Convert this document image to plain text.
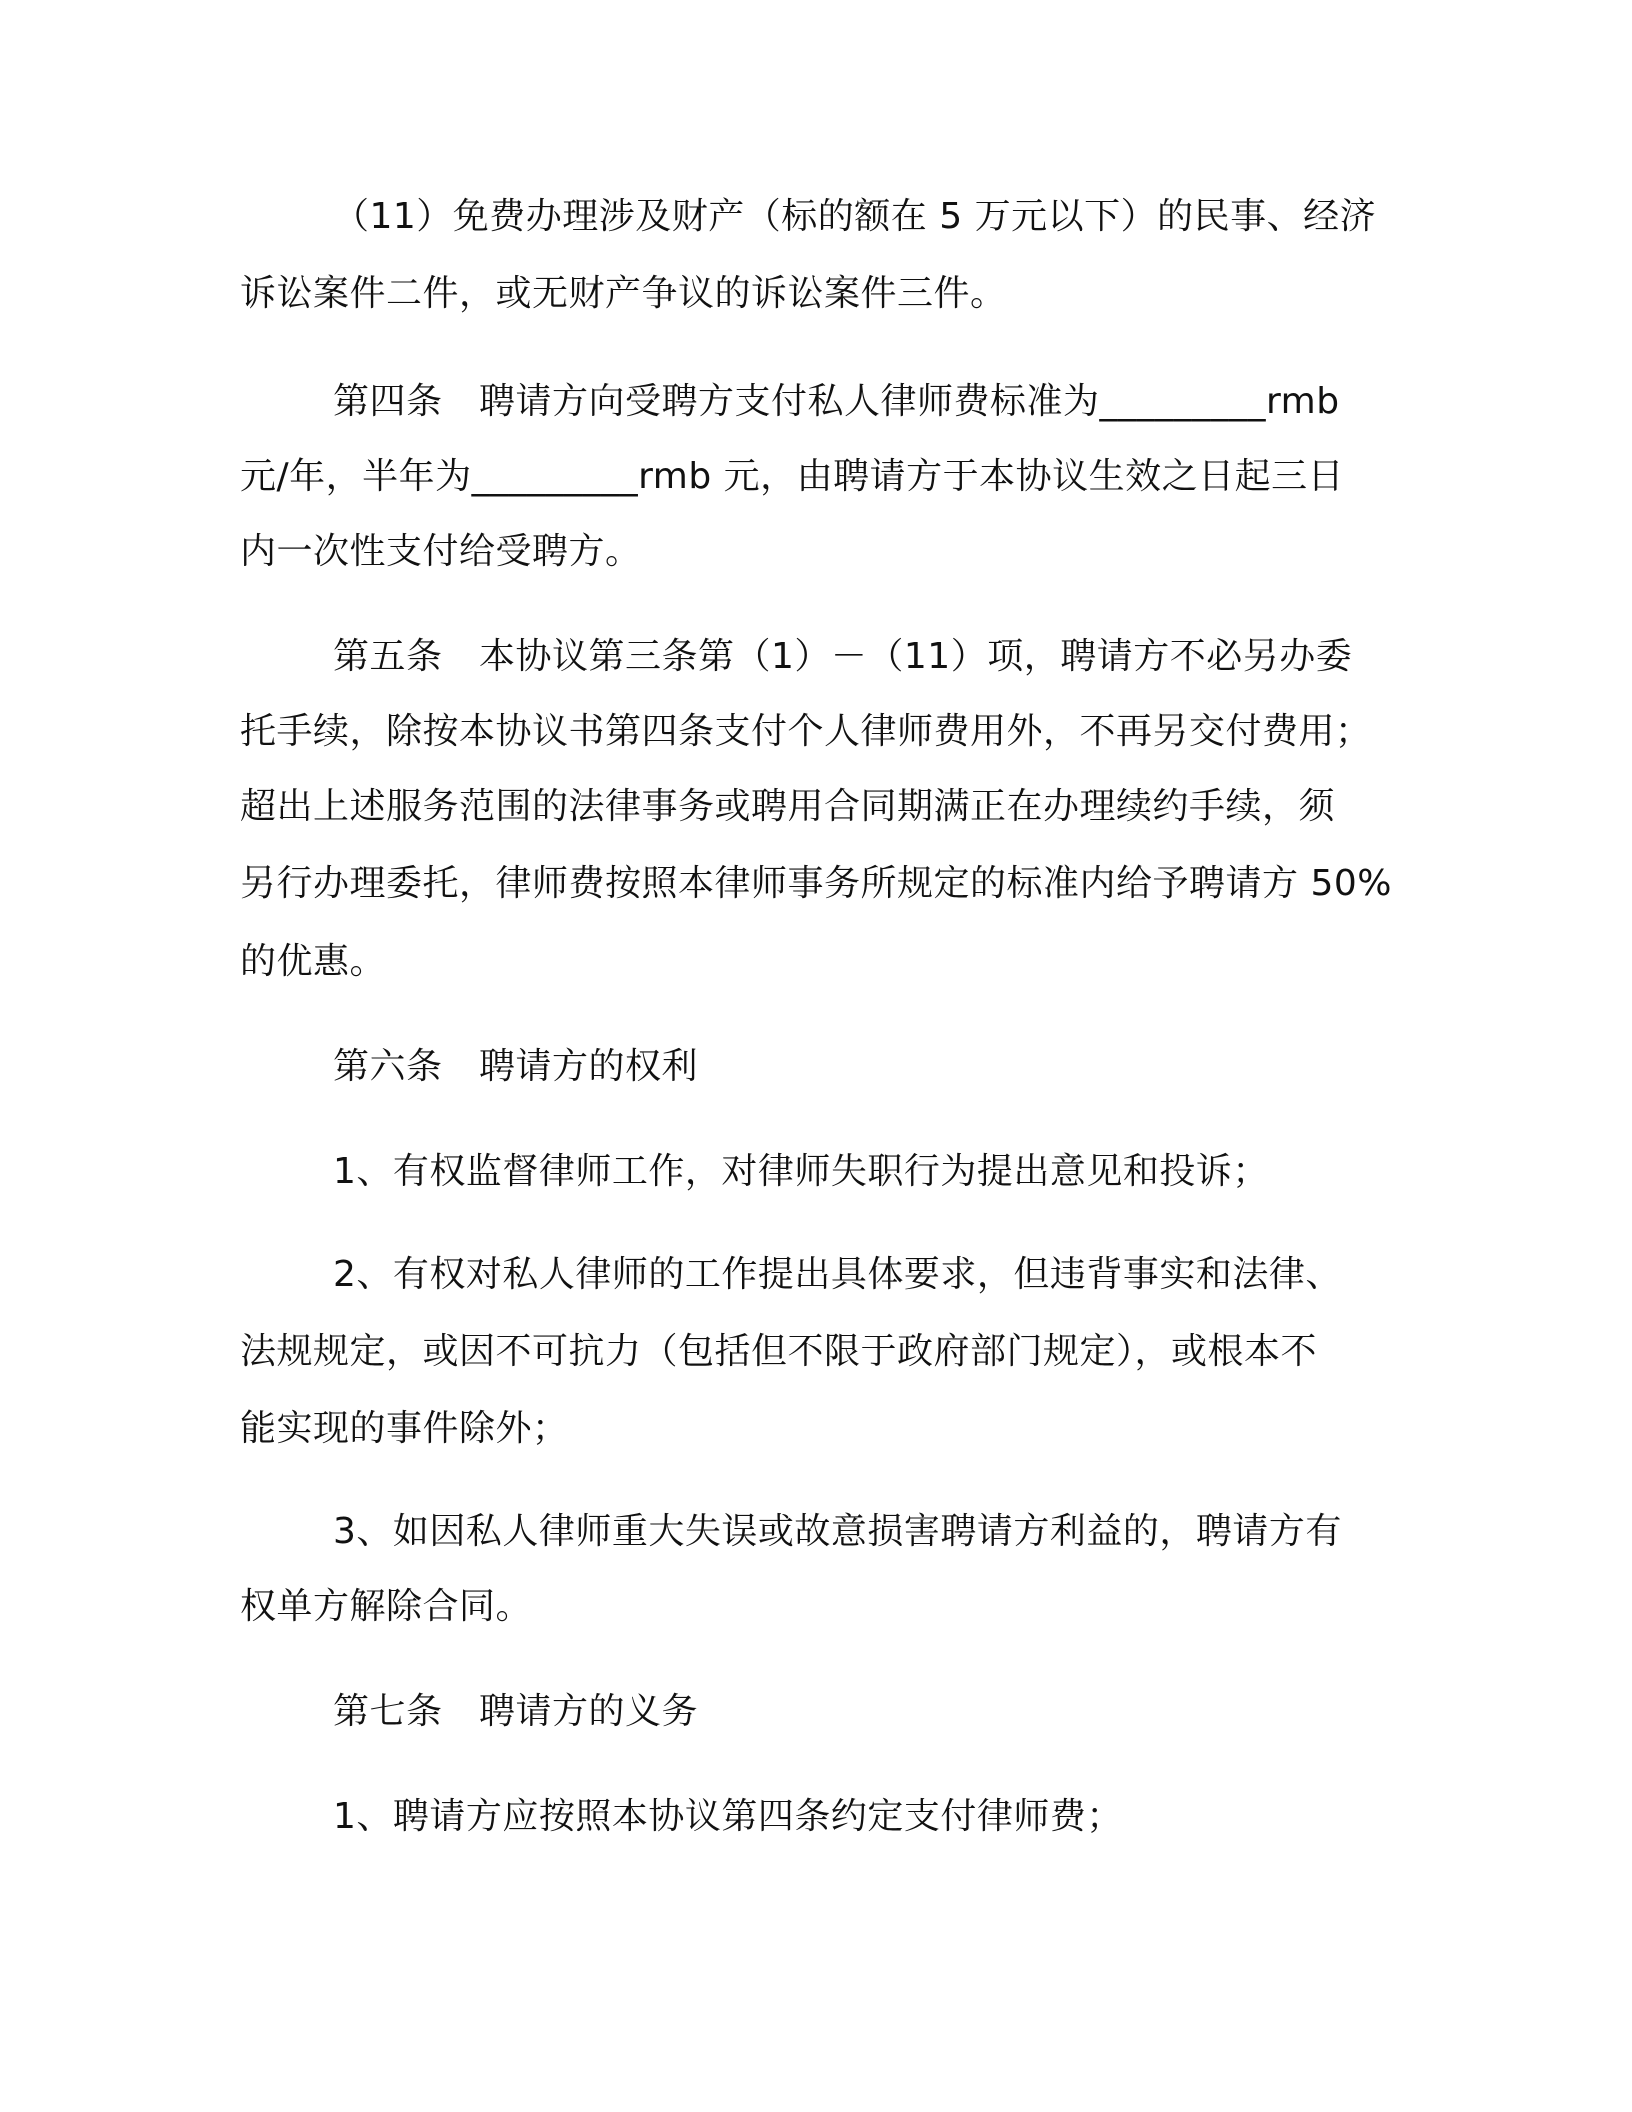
（11）免费办理涉及财产（标的额在 5 万元以下）的民事、经济
诉讼案件二件，或无财产争议的诉讼案件三件。
第四条　聘请方向受聘方支付私人律师费标准为_________rmb
元/年，半年为_________rmb 元，由聘请方于本协议生效之日起三日
内一次性支付给受聘方。
第五条　本协议第三条第（1）－（11）项，聘请方不必另办委
托手续，除按本协议书第四条支付个人律师费用外，不再另交付费用；
超出上述服务范围的法律事务或聘用合同期满正在办理续约手续，须
另行办理委托，律师费按照本律师事务所规定的标准内给予聘请方 50%
的优惠。
第六条　聘请方的权利
1、有权监督律师工作，对律师失职行为提出意见和投诉；
2、有权对私人律师的工作提出具体要求，但违背事实和法律、
法规规定，或因不可抗力（包括但不限于政府部门规定），或根本不
能实现的事件除外；
3、如因私人律师重大失误或故意损害聘请方利益的，聘请方有
权单方解除合同。
第七条　聘请方的义务
1、聘请方应按照本协议第四条约定支付律师费；
